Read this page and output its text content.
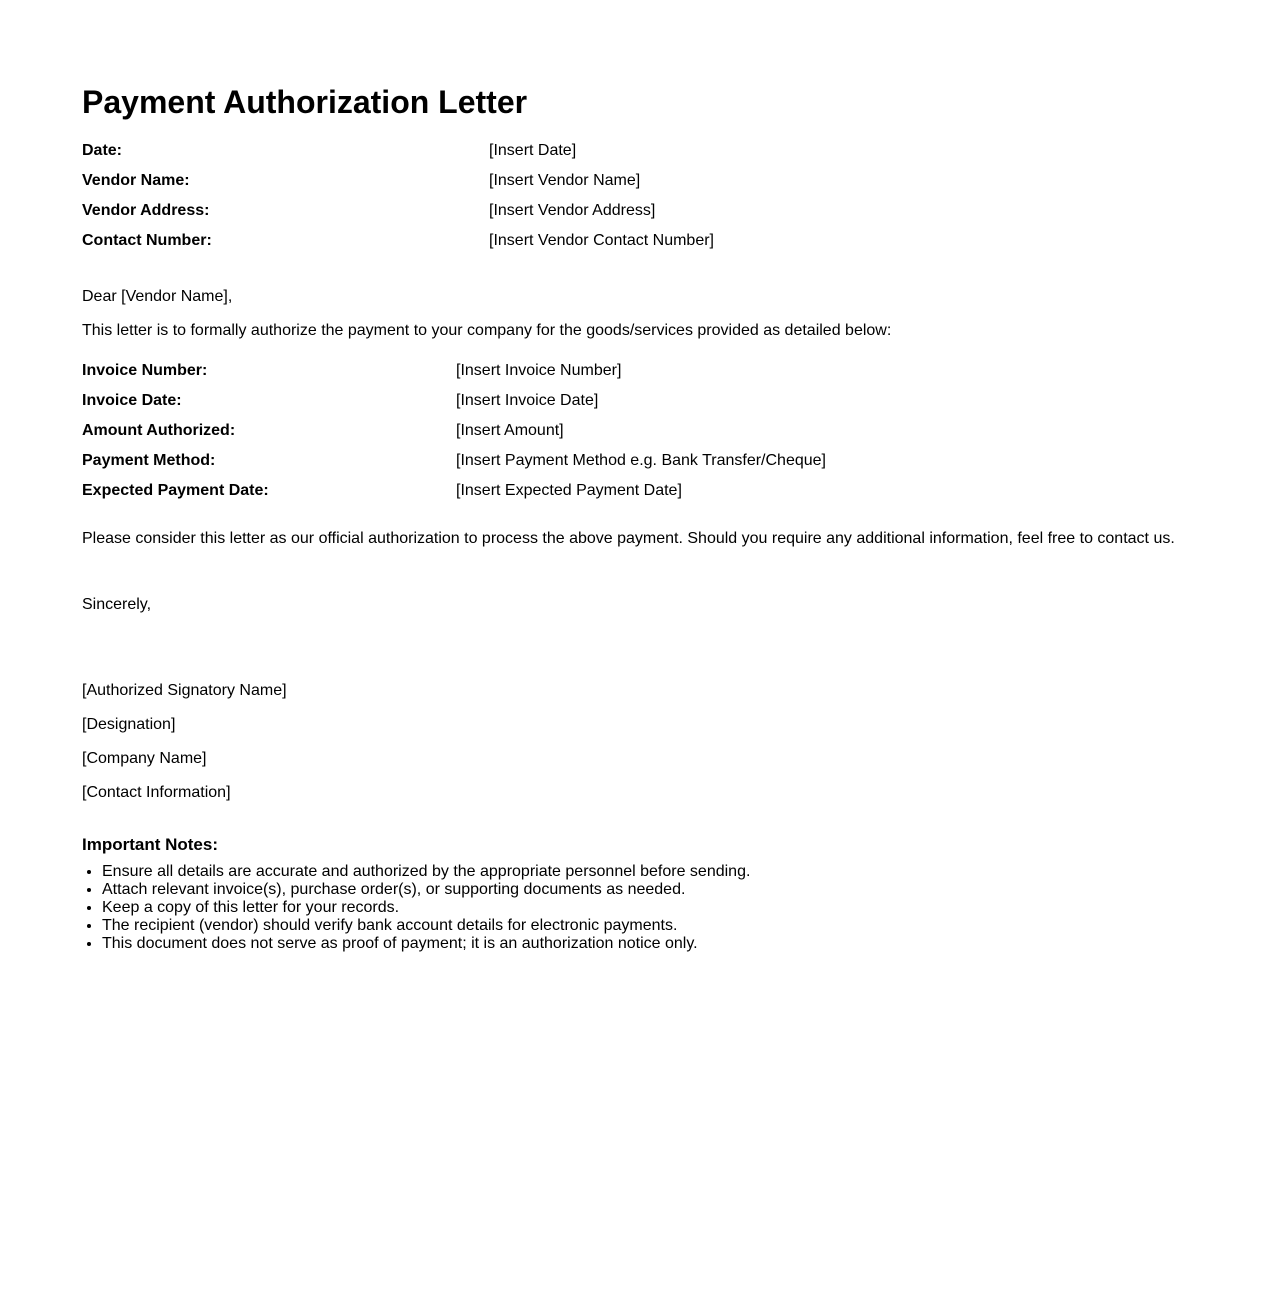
Payment Authorization Letter
Date:	[Insert Date]
Vendor Name:	[Insert Vendor Name]
Vendor Address:	[Insert Vendor Address]
Contact Number:	[Insert Vendor Contact Number]

Dear [Vendor Name],

This letter is to formally authorize the payment to your company for the goods/services provided as detailed below:

Invoice Number:	[Insert Invoice Number]
Invoice Date:	[Insert Invoice Date]
Amount Authorized:	[Insert Amount]
Payment Method:	[Insert Payment Method e.g. Bank Transfer/Cheque]
Expected Payment Date:	[Insert Expected Payment Date]

Please consider this letter as our official authorization to process the above payment. Should you require any additional information, feel free to contact us.

Sincerely,

[Authorized Signatory Name]

[Designation]

[Company Name]

[Contact Information]

Important Notes:
• Ensure all details are accurate and authorized by the appropriate personnel before sending.
• Attach relevant invoice(s), purchase order(s), or supporting documents as needed.
• Keep a copy of this letter for your records.
• The recipient (vendor) should verify bank account details for electronic payments.
• This document does not serve as proof of payment; it is an authorization notice only.
